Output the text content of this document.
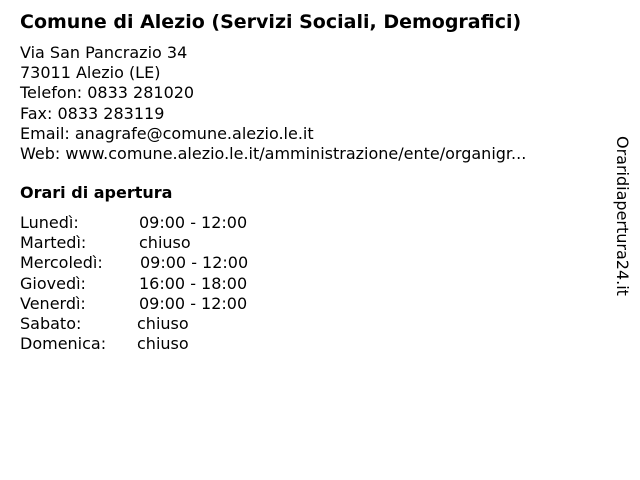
Comune di Alezio (Servizi Sociali, Demografici)
Via San Pancrazio 34
73011 Alezio (LE)
Telefon: 0833 281020
Fax: 0833 283119
Email: anagrafe@comune.alezio.le.it
Web: www.comune.alezio.le.it/amministrazione/ente/organigr...
Orari di apertura
Lunedì:	09:00 - 12:00
Martedì:	chiuso
Mercoledì: 09:00 - 12:00
Giovedì:	16:00 - 18:00
Venerdì:	09:00 - 12:00
Sabato:	chiuso
Domenica: chiuso
Oraridiapertura24.it
